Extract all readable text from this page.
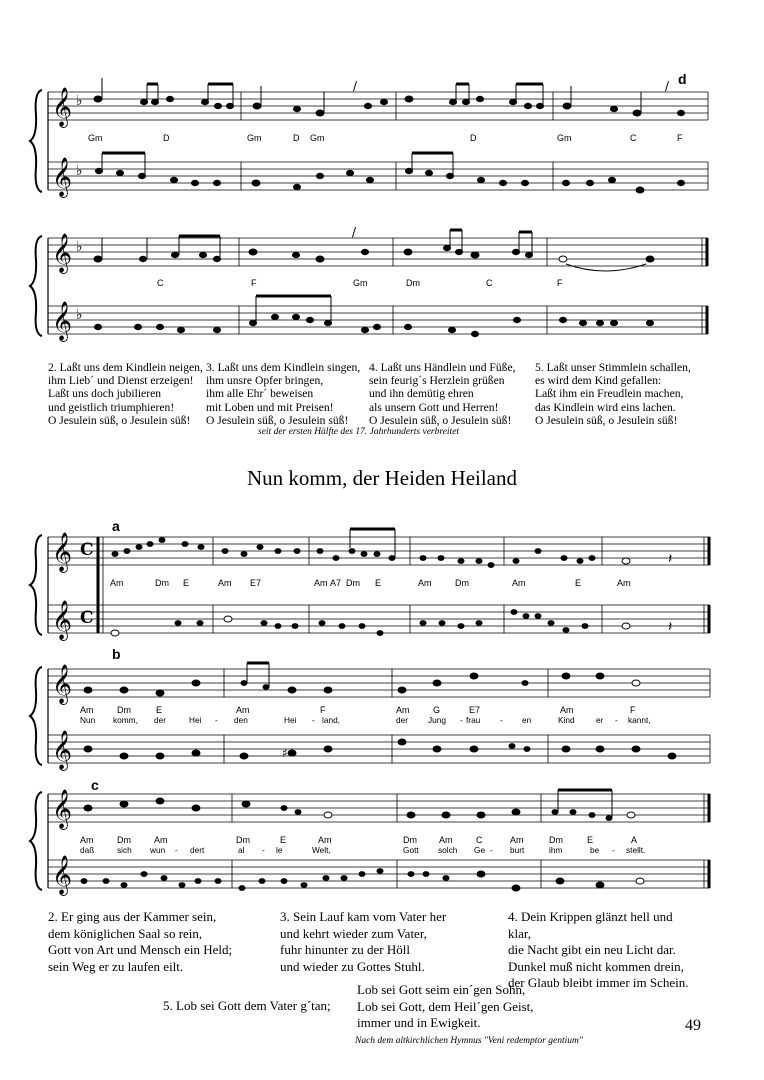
𝄞
𝄞
♭
♭
/	/ d
Gm	D	Gm	D Gm	D	Gm	C	F
𝄞
𝄞
♭
♭
/
C	F	Gm	Dm	C	F
2. Laßt uns dem Kindlein neigen,
ihm Lieb´ und Dienst erzeigen!
Laßt uns doch jubilieren
und geistlich triumphieren!
O Jesulein süß, o Jesulein süß!
3. Laßt uns dem Kindlein singen,
ihm unsre Opfer bringen,
ihm alle Ehr´ beweisen
mit Loben und mit Preisen!
O Jesulein süß, o Jesulein süß!
4. Laßt uns Händlein und Füße,
sein feurig´s Herzlein grüßen
und ihn demütig ehren
als unsern Gott und Herren!
O Jesulein süß, o Jesulein süß!
5. Laßt unser Stimmlein schallen,
es wird dem Kind gefallen:
Laßt ihm ein Freudlein machen,
das Kindlein wird eins lachen.
O Jesulein süß, o Jesulein süß!
seit der ersten Hälfte des 17. Jahrhunderts verbreitet
Nun komm, der Heiden Heiland
𝄞
𝄞
C
C
a
𝄽
𝄽
Am	Dm E	Am E7	Am A7 Dm E	Am	Dm	Am	E	Am
𝄞
𝄞
b
♯
Am	Dm	E	Am	F	Am	G	E7	Am	F
Nun komm, der	Hei - den	Hei - land,	der Jung - frau - en	Kind	er - kannt,
𝄞
𝄞
c
Am	Dm	Am	Dm	E	Am	Dm Am	C	Am	Dm	E	A
daß	sich wun - dert	al - le	Welt,	Gott solch Ge - burt	ihm	be - stellt.
2. Er ging aus der Kammer sein,
dem königlichen Saal so rein,
Gott von Art und Mensch ein Held;
sein Weg er zu laufen eilt.
3. Sein Lauf kam vom Vater her
und kehrt wieder zum Vater,
fuhr hinunter zu der Höll
und wieder zu Gottes Stuhl.
4. Dein Krippen glänzt hell und
klar,
die Nacht gibt ein neu Licht dar.
Dunkel muß nicht kommen drein,
der Glaub bleibt immer im Schein.
5. Lob sei Gott dem Vater g´tan;
Lob sei Gott seim ein´gen Sohn,
Lob sei Gott, dem Heil´gen Geist,
immer und in Ewigkeit.
Nach dem altkirchlichen Hymnus "Veni redemptor gentium"
49
